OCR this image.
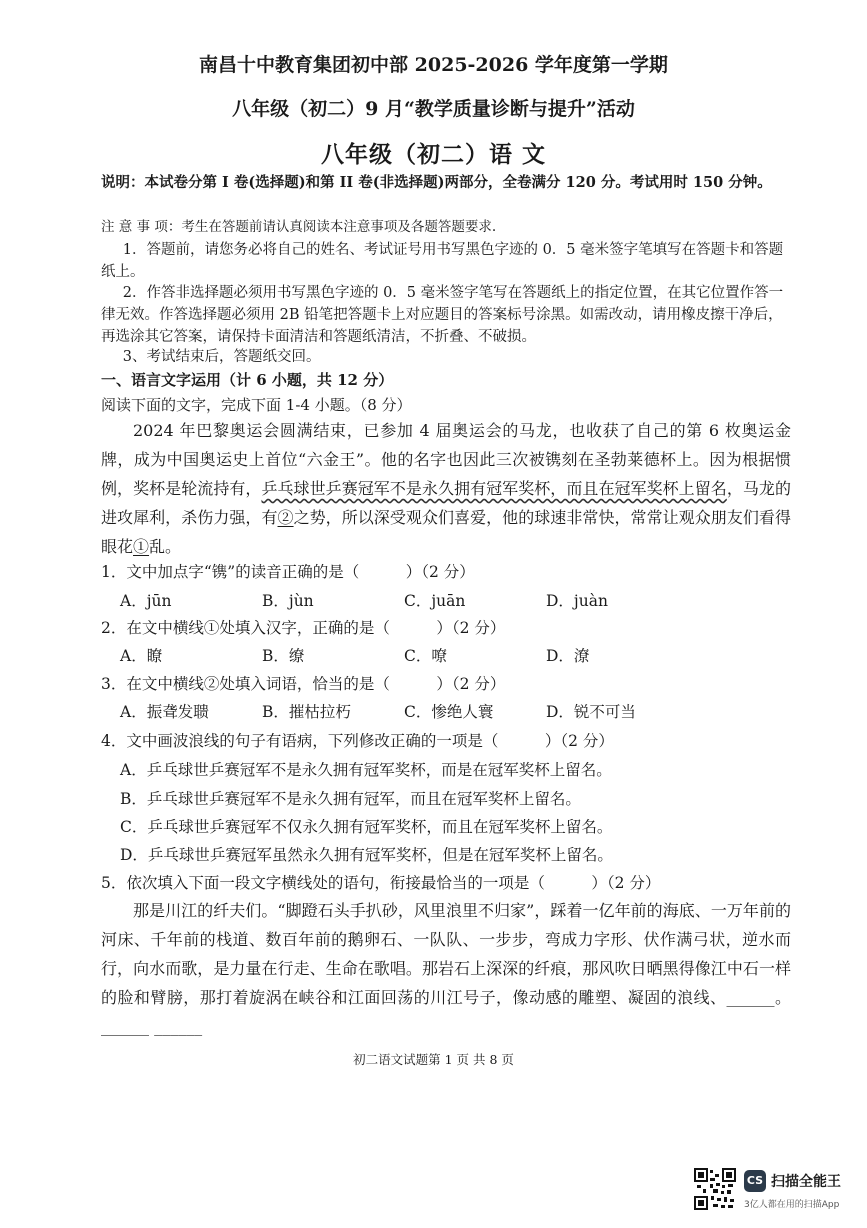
南昌十中教育集团初中部 2025-2026 学年度第一学期
八年级（初二）9 月“教学质量诊断与提升”活动
八年级（初二）语 文
说明：本试卷分第 I 卷(选择题)和第 II 卷(非选择题)两部分，全卷满分 120 分。考试用时 150 分钟。
注 意 事 项：考生在答题前请认真阅读本注意事项及各题答题要求.
1．答题前，请您务必将自己的姓名、考试证号用书写黑色字迹的 0．5 毫米签字笔填写在答题卡和答题纸上。
2．作答非选择题必须用书写黑色字迹的 0．5 毫米签字笔写在答题纸上的指定位置，在其它位置作答一律无效。作答选择题必须用 2B 铅笔把答题卡上对应题目的答案标号涂黑。如需改动，请用橡皮擦干净后，再选涂其它答案，请保持卡面清洁和答题纸清洁，不折叠、不破损。
3、考试结束后，答题纸交回。
一、语言文字运用（计 6 小题，共 12 分）
阅读下面的文字，完成下面 1-4 小题。（8 分）
2024 年巴黎奥运会圆满结束，已参加 4 届奥运会的马龙，也收获了自己的第 6 枚奥运金牌，成为中国奥运史上首位“六金王”。他的名字也因此三次被镌刻在圣勃莱德杯上。因为根据惯例，奖杯是轮流持有，乒乓球世乒赛冠军不是永久拥有冠军奖杯，而且在冠军奖杯上留名，马龙的进攻犀利，杀伤力强，有②之势，所以深受观众们喜爱，他的球速非常快，常常让观众朋友们看得眼花①乱。
1．文中加点字“镌”的读音正确的是（　　　）（2 分）
A．jūn	B．jùn	C．juān	D．juàn
2．在文中横线①处填入汉字，正确的是（　　　）（2 分）
A．瞭	B．缭	C．嘹	D．潦
3．在文中横线②处填入词语，恰当的是（　　　）（2 分）
A．振聋发聩	B．摧枯拉朽	C．惨绝人寰	D．锐不可当
4．文中画波浪线的句子有语病，下列修改正确的一项是（　　　）（2 分）
A．乒乓球世乒赛冠军不是永久拥有冠军奖杯，而是在冠军奖杯上留名。
B．乒乓球世乒赛冠军不是永久拥有冠军，而且在冠军奖杯上留名。
C．乒乓球世乒赛冠军不仅永久拥有冠军奖杯，而且在冠军奖杯上留名。
D．乒乓球世乒赛冠军虽然永久拥有冠军奖杯，但是在冠军奖杯上留名。
5．依次填入下面一段文字横线处的语句，衔接最恰当的一项是（　　　）（2 分）
那是川江的纤夫们。“脚蹬石头手扒砂，风里浪里不归家”，踩着一亿年前的海底、一万年前的河床、千年前的栈道、数百年前的鹅卵石、一队队、一步步，弯成力字形、伏作满弓状，逆水而行，向水而歌，是力量在行走、生命在歌唱。那岩石上深深的纤痕，那风吹日晒黑得像江中石一样的脸和臂膀，那打着旋涡在峡谷和江面回荡的川江号子，像动感的雕塑、凝固的浪线、______。______ ______
初二语文试题第 1 页 共 8 页
CS 扫描全能王
3亿人都在用的扫描App
